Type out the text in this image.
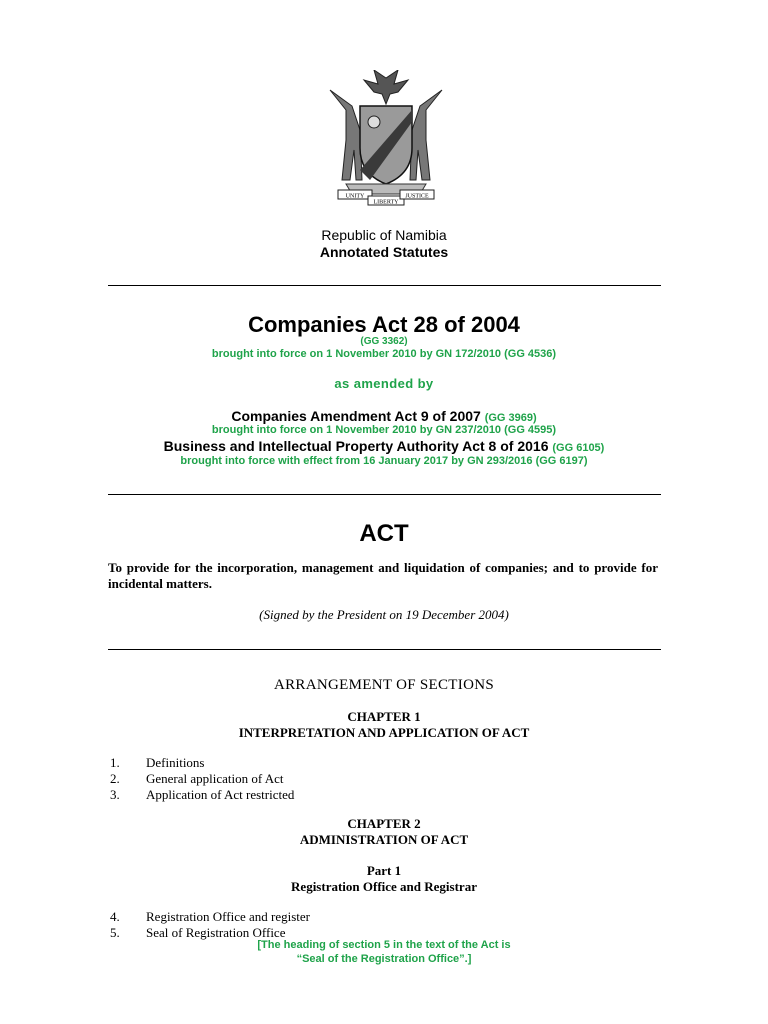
UNITY
LIBERTY
JUSTICE
Republic of Namibia
Annotated Statutes
Companies Act 28 of 2004
(GG 3362)
brought into force on 1 November 2010 by GN 172/2010 (GG 4536)
as amended by
Companies Amendment Act 9 of 2007 (GG 3969)
brought into force on 1 November 2010 by GN 237/2010 (GG 4595)
Business and Intellectual Property Authority Act 8 of 2016 (GG 6105)
brought into force with effect from 16 January 2017 by GN 293/2016 (GG 6197)
ACT
To provide for the incorporation, management and liquidation of companies; and to provide for incidental matters.
(Signed by the President on 19 December 2004)
ARRANGEMENT OF SECTIONS
CHAPTER 1
INTERPRETATION AND APPLICATION OF ACT
1. Definitions
2. General application of Act
3. Application of Act restricted
CHAPTER 2
ADMINISTRATION OF ACT
Part 1
Registration Office and Registrar
4. Registration Office and register
5. Seal of Registration Office
[The heading of section 5 in the text of the Act is
“Seal of the Registration Office”.]
